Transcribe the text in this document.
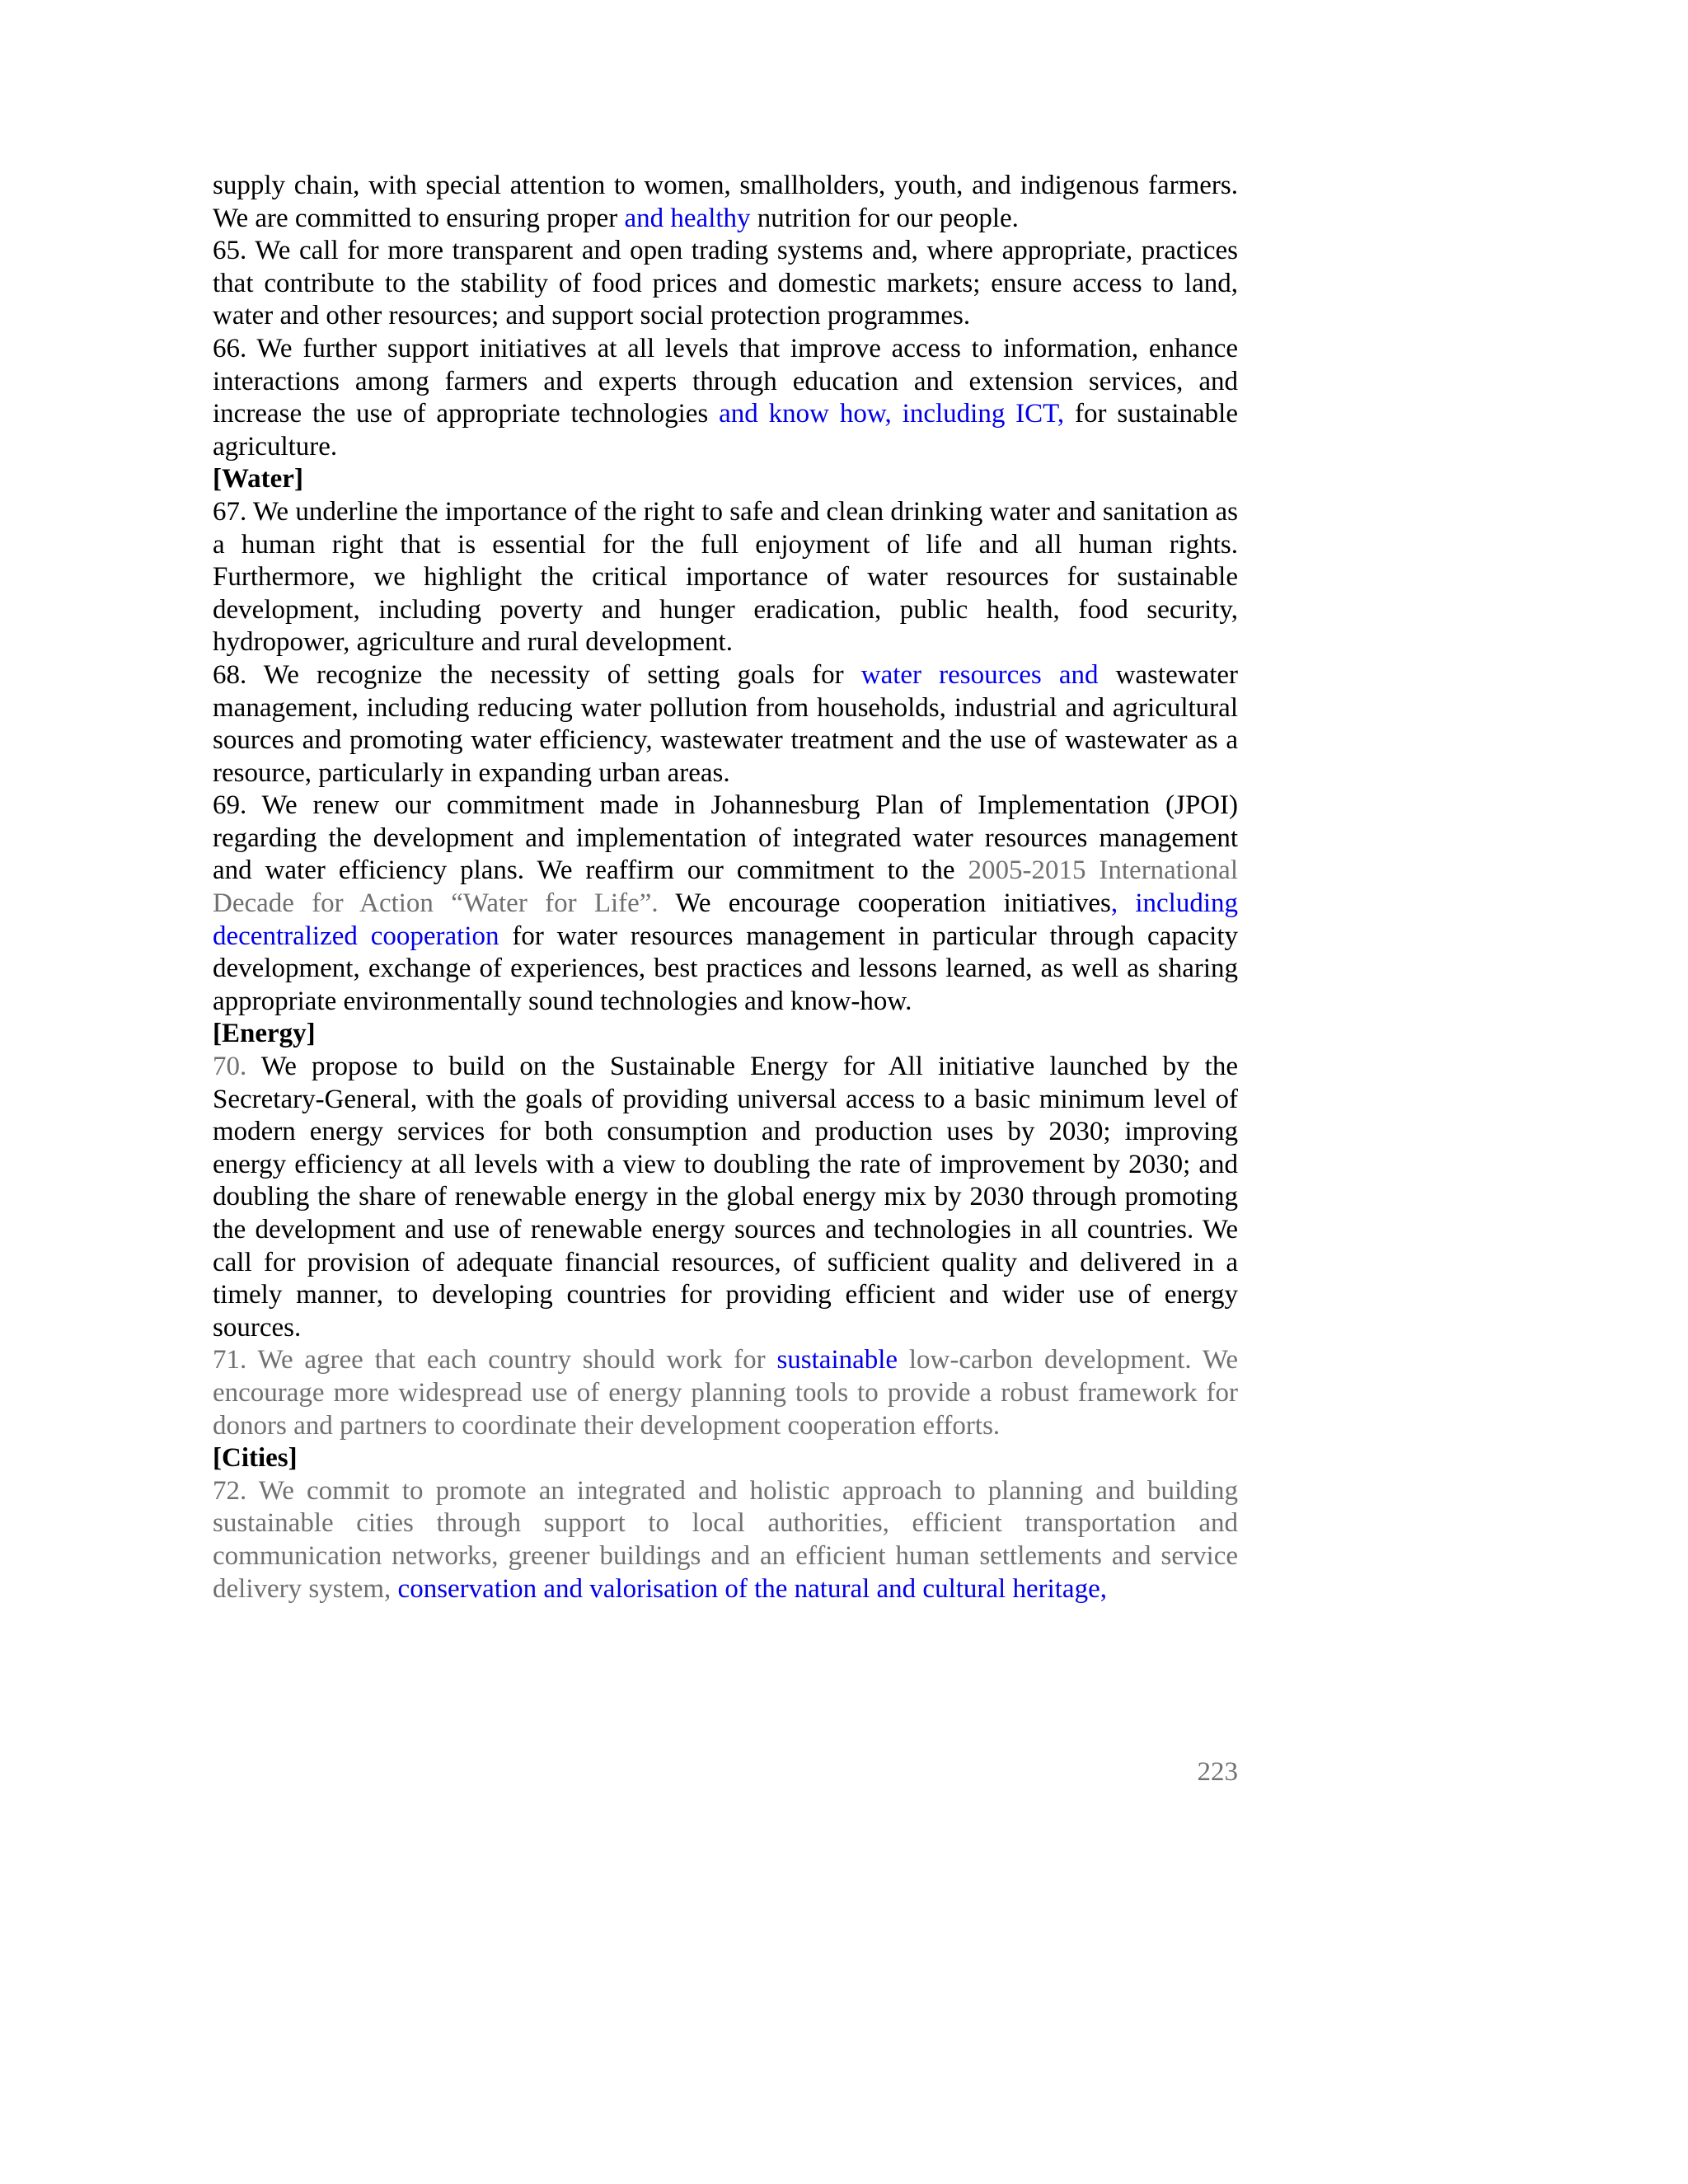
supply chain, with special attention to women, smallholders, youth, and indigenous farmers. We are committed to ensuring proper and healthy nutrition for our people.

65. We call for more transparent and open trading systems and, where appropriate, practices that contribute to the stability of food prices and domestic markets; ensure access to land, water and other resources; and support social protection programmes.

66. We further support initiatives at all levels that improve access to information, enhance interactions among farmers and experts through education and extension services, and increase the use of appropriate technologies and know how, including ICT, for sustainable agriculture.

[Water]

67. We underline the importance of the right to safe and clean drinking water and sanitation as a human right that is essential for the full enjoyment of life and all human rights. Furthermore, we highlight the critical importance of water resources for sustainable development, including poverty and hunger eradication, public health, food security, hydropower, agriculture and rural development.

68. We recognize the necessity of setting goals for water resources and wastewater management, including reducing water pollution from households, industrial and agricultural sources and promoting water efficiency, wastewater treatment and the use of wastewater as a resource, particularly in expanding urban areas.

69. We renew our commitment made in Johannesburg Plan of Implementation (JPOI) regarding the development and implementation of integrated water resources management and water efficiency plans. We reaffirm our commitment to the 2005-2015 International Decade for Action “Water for Life”. We encourage cooperation initiatives, including decentralized cooperation for water resources management in particular through capacity development, exchange of experiences, best practices and lessons learned, as well as sharing appropriate environmentally sound technologies and know-how.

[Energy]

70. We propose to build on the Sustainable Energy for All initiative launched by the Secretary-General, with the goals of providing universal access to a basic minimum level of modern energy services for both consumption and production uses by 2030; improving energy efficiency at all levels with a view to doubling the rate of improvement by 2030; and doubling the share of renewable energy in the global energy mix by 2030 through promoting the development and use of renewable energy sources and technologies in all countries. We call for provision of adequate financial resources, of sufficient quality and delivered in a timely manner, to developing countries for providing efficient and wider use of energy sources.

71. We agree that each country should work for sustainable low-carbon development. We encourage more widespread use of energy planning tools to provide a robust framework for donors and partners to coordinate their development cooperation efforts.

[Cities]

72. We commit to promote an integrated and holistic approach to planning and building sustainable cities through support to local authorities, efficient transportation and communication networks, greener buildings and an efficient human settlements and service delivery system, conservation and valorisation of the natural and cultural heritage,

223
